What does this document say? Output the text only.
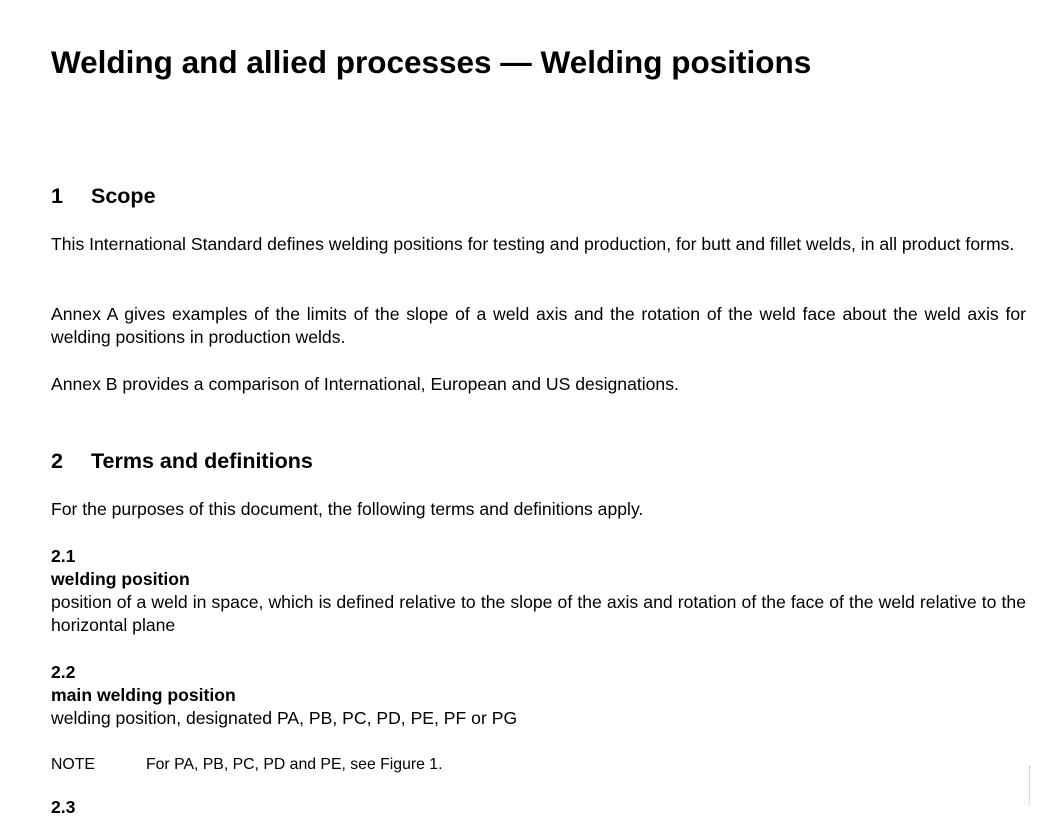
Welding and allied processes — Welding positions
1 Scope

This International Standard defines welding positions for testing and production, for butt and fillet welds, in all product forms.

Annex A gives examples of the limits of the slope of a weld axis and the rotation of the weld face about the weld axis for welding positions in production welds.

Annex B provides a comparison of International, European and US designations.

2 Terms and definitions

For the purposes of this document, the following terms and definitions apply.

2.1
welding position
position of a weld in space, which is defined relative to the slope of the axis and rotation of the face of the weld relative to the horizontal plane
2.2
main welding position
welding position, designated PA, PB, PC, PD, PE, PF or PG
NOTE	For PA, PB, PC, PD and PE, see Figure 1.
2.3
